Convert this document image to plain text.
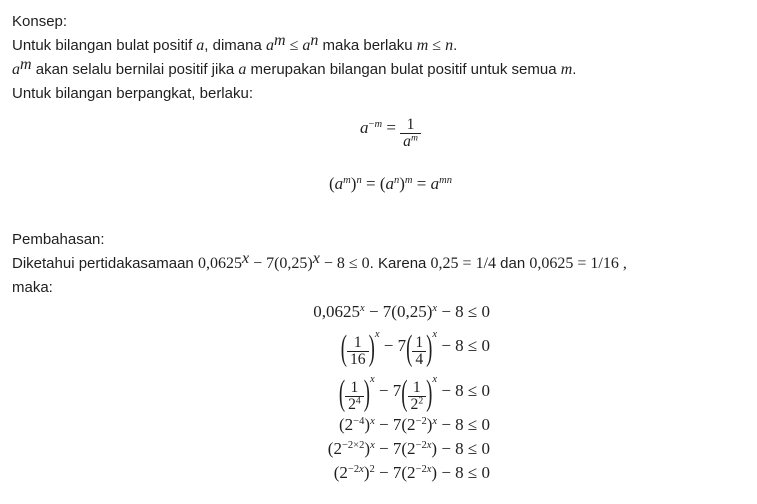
Konsep:
Untuk bilangan bulat positif a, dimana $a^m \le a^n$ maka berlaku m ≤ n.
$a^m$ akan selalu bernilai positif jika a merupakan bilangan bulat positif untuk semua m.
Untuk bilangan berpangkat, berlaku:
$a^{-m} = \frac{1}{a^m}$
$(a^m)^n = (a^n)^m = a^{mn}$
Pembahasan:
Diketahui pertidakasamaan $0,0625^x - 7(0,25)^x - 8 \le 0$. Karena 0,25 = 1/4 dan 0,0625 = 1/16 ,
maka:
$0,0625^x - 7(0,25)^x - 8 \le 0$
( $\frac{1}{16} )^x - 7( \frac{1}{4} )^x - 8 \le 0$
( $\frac{1}{2^4} )^x - 7( \frac{1}{2^2} )^x - 8 \le 0$
$(2^{-4})^x - 7(2^{-2})^x - 8 \le 0$
$(2^{-2\times 2})^x - 7(2^{-2x}) - 8 \le 0$
$(2^{-2x})^2 - 7(2^{-2x}) - 8 \le 0$
